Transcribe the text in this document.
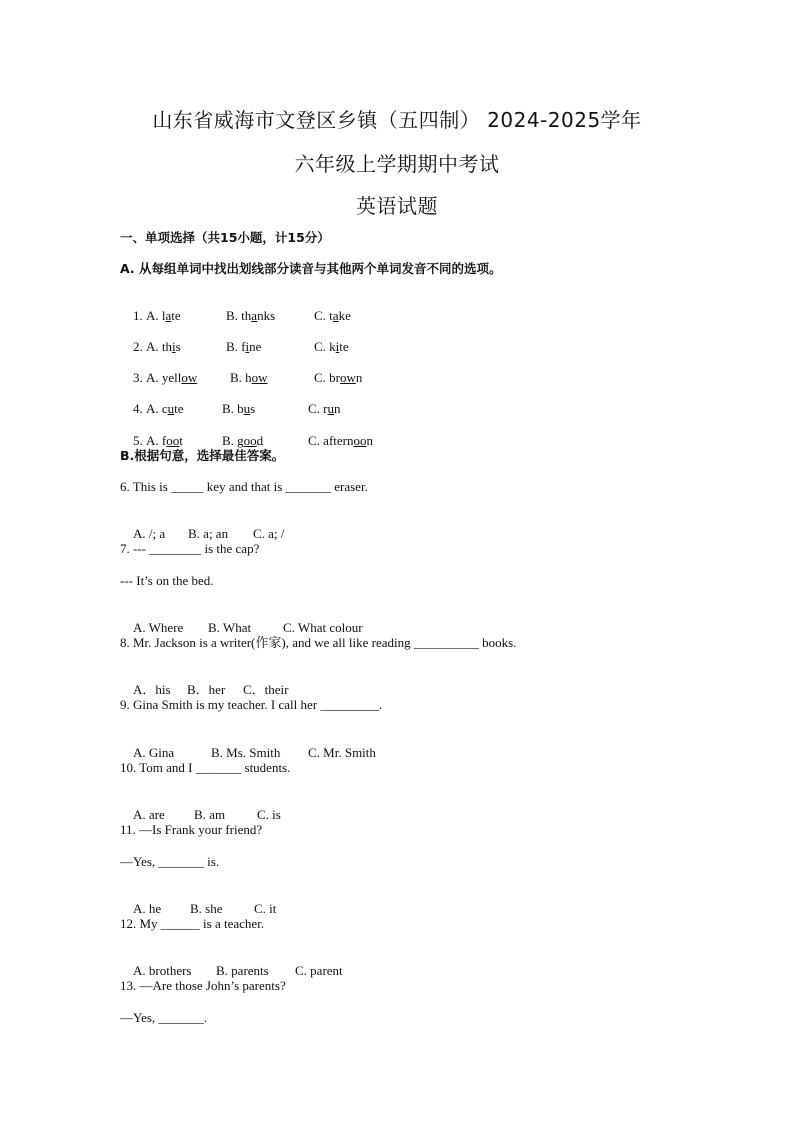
山东省威海市文登区乡镇（五四制） 2024-2025学年
六年级上学期期中考试
英语试题
一、单项选择（共15小题，计15分）
A. 从每组单词中找出划线部分读音与其他两个单词发音不同的选项。

1. A. late	B. thanks	C. take

2. A. this	B. fine	C. kite

3. A. yellow	B. how	C. brown

4. A. cute	B. bus	C. run

5. A. foot	B. good	C. afternoon

B.根据句意，选择最佳答案。
6. This is _____ key and that is _______ eraser.

A. /; a B. a; an C. a; /

7. --- ________ is the cap?
--- It’s on the bed.

A. Where B. What C. What colour

8. Mr. Jackson is a writer(作家), and we all like reading __________ books.

A．his B．her C．their

9. Gina Smith is my teacher. I call her _________.

A. Gina	B. Ms. Smith C. Mr. Smith

10. Tom and I _______ students.

A. are B. am C. is

11. —Is Frank your friend?
—Yes, _______ is.

A. he B. she C. it

12. My ______ is a teacher.

A. brothers B. parents C. parent

13. —Are those John’s parents?
—Yes, _______.
